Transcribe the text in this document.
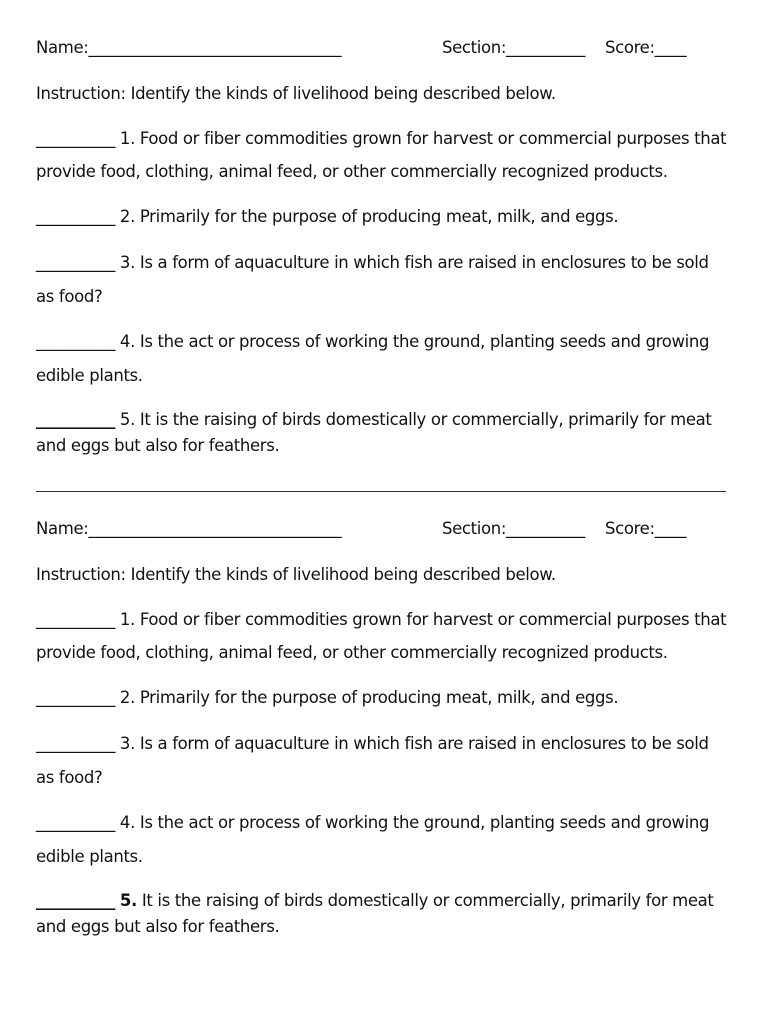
Name:________________________________	Section:__________ Score:____
Instruction: Identify the kinds of livelihood being described below.
__________ 1. Food or fiber commodities grown for harvest or commercial purposes that
provide food, clothing, animal feed, or other commercially recognized products.
__________ 2. Primarily for the purpose of producing meat, milk, and eggs.
__________ 3. Is a form of aquaculture in which fish are raised in enclosures to be sold
as food?
__________ 4. Is the act or process of working the ground, planting seeds and growing
edible plants.
__________ 5. It is the raising of birds domestically or commercially, primarily for meat
and eggs but also for feathers.
Name:________________________________	Section:__________ Score:____
Instruction: Identify the kinds of livelihood being described below.
__________ 1. Food or fiber commodities grown for harvest or commercial purposes that
provide food, clothing, animal feed, or other commercially recognized products.
__________ 2. Primarily for the purpose of producing meat, milk, and eggs.
__________ 3. Is a form of aquaculture in which fish are raised in enclosures to be sold
as food?
__________ 4. Is the act or process of working the ground, planting seeds and growing
edible plants.
__________ 5. It is the raising of birds domestically or commercially, primarily for meat
and eggs but also for feathers.
